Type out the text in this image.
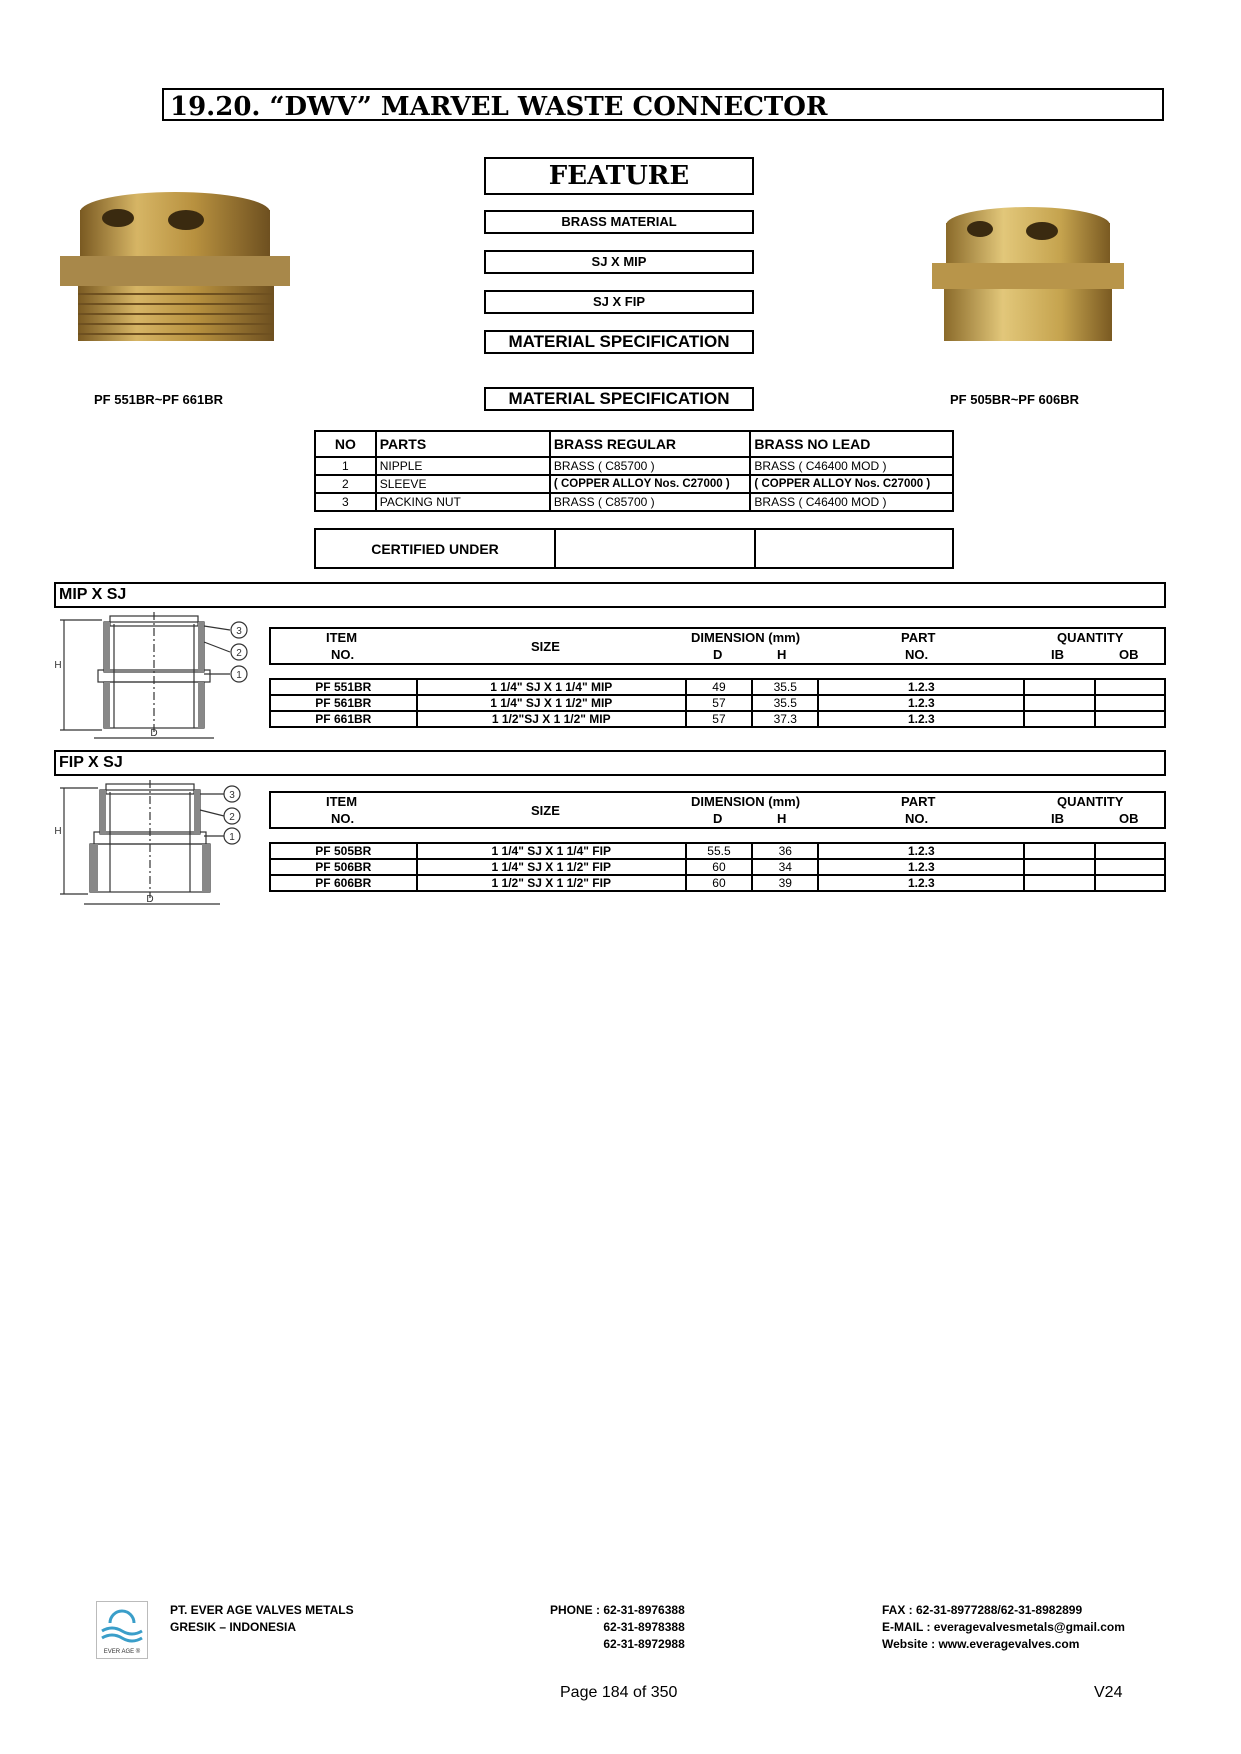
19.20. “DWV” MARVEL WASTE CONNECTOR
FEATURE
BRASS MATERIAL
SJ X MIP
SJ X FIP
MATERIAL SPECIFICATION
PF 551BR~PF 661BR	PF 505BR~PF 606BR
MATERIAL SPECIFICATION
NO	PARTS	BRASS REGULAR	BRASS NO LEAD
1	NIPPLE	BRASS ( C85700 )	BRASS ( C46400 MOD )
2	SLEEVE	( COPPER ALLOY Nos. C27000 )	( COPPER ALLOY Nos. C27000 )
3	PACKING NUT	BRASS ( C85700 )	BRASS ( C46400 MOD )
CERTIFIED UNDER
MIP X SJ
3
2
1
H
D
ITEM
NO.
SIZE
DIMENSION (mm)
D	H
PART
NO.
QUANTITY
IB	OB
PF 551BR	1 1/4" SJ X 1 1/4" MIP	49	35.5	1.2.3		
PF 561BR	1 1/4" SJ X 1 1/2" MIP	57	35.5	1.2.3		
PF 661BR	1 1/2"SJ X 1 1/2" MIP	57	37.3	1.2.3		
FIP X SJ
3
2
1
H
D
ITEM
NO.
SIZE
DIMENSION (mm)
D	H
PART
NO.
QUANTITY
IB	OB
PF 505BR	1 1/4" SJ X 1 1/4" FIP	55.5	36	1.2.3		
PF 506BR	1 1/4" SJ X 1 1/2" FIP	60	34	1.2.3		
PF 606BR	1 1/2" SJ X 1 1/2" FIP	60	39	1.2.3		
EVER AGE ®
PT. EVER AGE VALVES METALS
GRESIK – INDONESIA
PHONE : 62-31-8976388
62-31-8978388
62-31-8972988
FAX : 62-31-8977288/62-31-8982899
E-MAIL : everagevalvesmetals@gmail.com
Website : www.everagevalves.com
Page 184 of 350	V24
